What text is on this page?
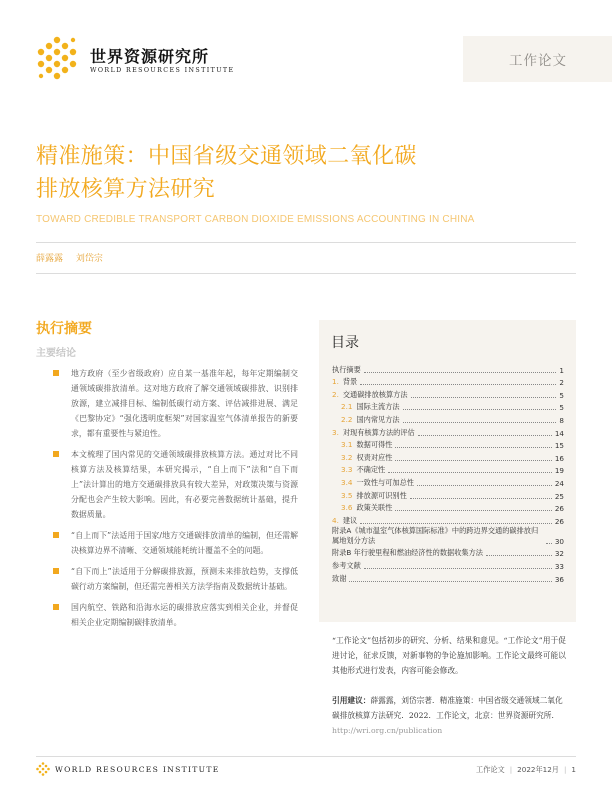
世界资源研究所
WORLD RESOURCES INSTITUTE
工作论文
精准施策：中国省级交通领域二氧化碳
排放核算方法研究
TOWARD CREDIBLE TRANSPORT CARBON DIOXIDE EMISSIONS ACCOUNTING IN CHINA
薛露露 刘岱宗
执行摘要
主要结论
地方政府（至少省级政府）应自某一基准年起，每年定期编制交通领域碳排放清单。这对地方政府了解交通领域碳排放、识别排放源，建立减排目标、编制低碳行动方案、评估减排进展、满足《巴黎协定》“强化透明度框架”对国家温室气体清单报告的新要求，都有重要性与紧迫性。
本文梳理了国内常见的交通领域碳排放核算方法。通过对比不同核算方法及核算结果，本研究揭示，“自上而下”法和“自下而上”法计算出的地方交通碳排放具有较大差异，对政策决策与资源分配也会产生较大影响。因此，有必要完善数据统计基础，提升数据质量。
“自上而下”法适用于国家/地方交通碳排放清单的编制，但还需解决核算边界不清晰、交通领域能耗统计覆盖不全的问题。
“自下而上”法适用于分解碳排放源，预测未来排放趋势，支撑低碳行动方案编制，但还需完善相关方法学指南及数据统计基础。
国内航空、铁路和沿海水运的碳排放应落实到相关企业，并督促相关企业定期编制碳排放清单。
目录
执行摘要	1
1. 背景	2
2. 交通碳排放核算方法	5
2.1 国际主流方法	5
2.2 国内常见方法	8
3. 对现有核算方法的评估	14
3.1 数据可得性	15
3.2 权责对应性	16
3.3 不确定性	19
3.4 一致性与可加总性	24
3.5 排放源可识别性	25
3.6 政策关联性	26
4. 建议	26
附录A《城市温室气体核算国际标准》中的跨边界交通的碳排放归属地划分方法	30
附录B 年行驶里程和燃油经济性的数据收集方法	32
参考文献	33
致谢	36
“工作论文”包括初步的研究、分析、结果和意见。“工作论文”用于促进讨论，征求反馈，对新事物的争论施加影响。工作论文最终可能以其他形式进行发表，内容可能会修改。
引用建议：薛露露，刘岱宗著．精准施策：中国省级交通领域二氧化碳排放核算方法研究．2022．工作论文，北京：世界资源研究所．http://wri.org.cn/publication
WORLD RESOURCES INSTITUTE	工作论文 | 2022年12月 | 1
